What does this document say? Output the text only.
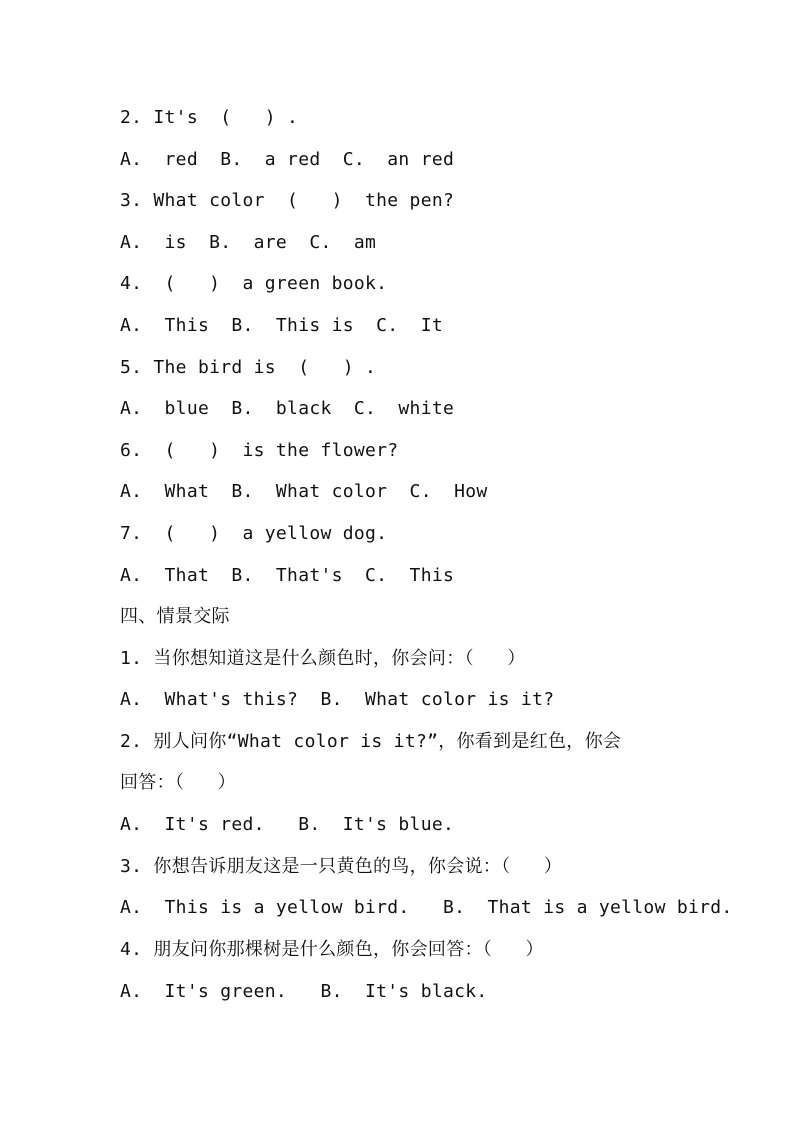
2. It's  (   ) .
A.  red  B.  a red  C.  an red
3. What color  (   )  the pen?
A.  is  B.  are  C.  am
4.  (   )  a green book.
A.  This  B.  This is  C.  It
5. The bird is  (   ) .
A.  blue  B.  black  C.  white
6.  (   )  is the flower?
A.  What  B.  What color  C.  How
7.  (   )  a yellow dog.
A.  That  B.  That's  C.  This
四、情景交际
1. 当你想知道这是什么颜色时，你会问：（   ）
A.  What's this?  B.  What color is it?
2. 别人问你“What color is it?”，你看到是红色，你会
回答：（   ）
A.  It's red.   B.  It's blue.
3. 你想告诉朋友这是一只黄色的鸟，你会说：（   ）
A.  This is a yellow bird.   B.  That is a yellow bird.
4. 朋友问你那棵树是什么颜色，你会回答：（   ）
A.  It's green.   B.  It's black.
